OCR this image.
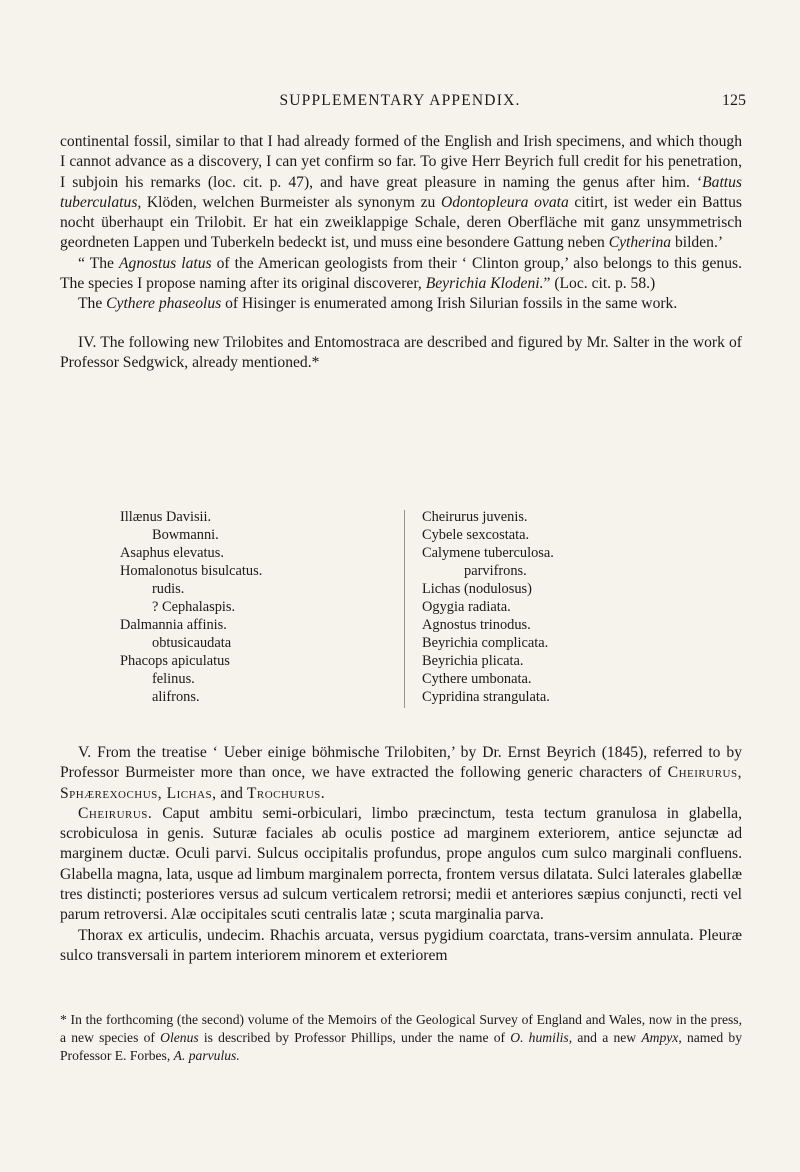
SUPPLEMENTARY APPENDIX.	125

continental fossil, similar to that I had already formed of the English and Irish specimens, and which though I cannot advance as a discovery, I can yet confirm so far. To give Herr Beyrich full credit for his penetration, I subjoin his remarks (loc. cit. p. 47), and have great pleasure in naming the genus after him. ‘Battus tuberculatus, Klöden, welchen Burmeister als synonym zu Odontopleura ovata citirt, ist weder ein Battus nocht überhaupt ein Trilobit. Er hat ein zweiklappige Schale, deren Oberfläche mit ganz unsymmetrisch geordneten Lappen und Tuberkeln bedeckt ist, und muss eine besondere Gattung neben Cytherina bilden.’

“ The Agnostus latus of the American geologists from their ‘ Clinton group,’ also belongs to this genus. The species I propose naming after its original discoverer, Beyrichia Klodeni.” (Loc. cit. p. 58.)

The Cythere phaseolus of Hisinger is enumerated among Irish Silurian fossils in the same work.

IV. The following new Trilobites and Entomostraca are described and figured by Mr. Salter in the work of Professor Sedgwick, already mentioned.*

Illænus Davisii.
Bowmanni.
Asaphus elevatus.
Homalonotus bisulcatus.
rudis.
? Cephalaspis.
Dalmannia affinis.
obtusicaudata
Phacops apiculatus
felinus.
alifrons.
Cheirurus juvenis.
Cybele sexcostata.
Calymene tuberculosa.
parvifrons.
Lichas (nodulosus)
Ogygia radiata.
Agnostus trinodus.
Beyrichia complicata.
Beyrichia plicata.
Cythere umbonata.
Cypridina strangulata.

V. From the treatise ‘ Ueber einige böhmische Trilobiten,’ by Dr. Ernst Beyrich (1845), referred to by Professor Burmeister more than once, we have extracted the following generic characters of Cheirurus, Sphærexochus, Lichas, and Trochurus.

Cheirurus. Caput ambitu semi-orbiculari, limbo præcinctum, testa tectum granulosa in glabella, scrobiculosa in genis. Suturæ faciales ab oculis postice ad marginem exteriorem, antice sejunctæ ad marginem ductæ. Oculi parvi. Sulcus occipitalis profundus, prope angulos cum sulco marginali confluens. Glabella magna, lata, usque ad limbum marginalem porrecta, frontem versus dilatata. Sulci laterales glabellæ tres distincti; posteriores versus ad sulcum verticalem retrorsi; medii et anteriores sæpius conjuncti, recti vel parum retroversi. Alæ occipitales scuti centralis latæ ; scuta marginalia parva.

Thorax ex articulis, undecim. Rhachis arcuata, versus pygidium coarctata, trans-versim annulata. Pleuræ sulco transversali in partem interiorem minorem et exteriorem

* In the forthcoming (the second) volume of the Memoirs of the Geological Survey of England and Wales, now in the press, a new species of Olenus is described by Professor Phillips, under the name of O. humilis, and a new Ampyx, named by Professor E. Forbes, A. parvulus.
